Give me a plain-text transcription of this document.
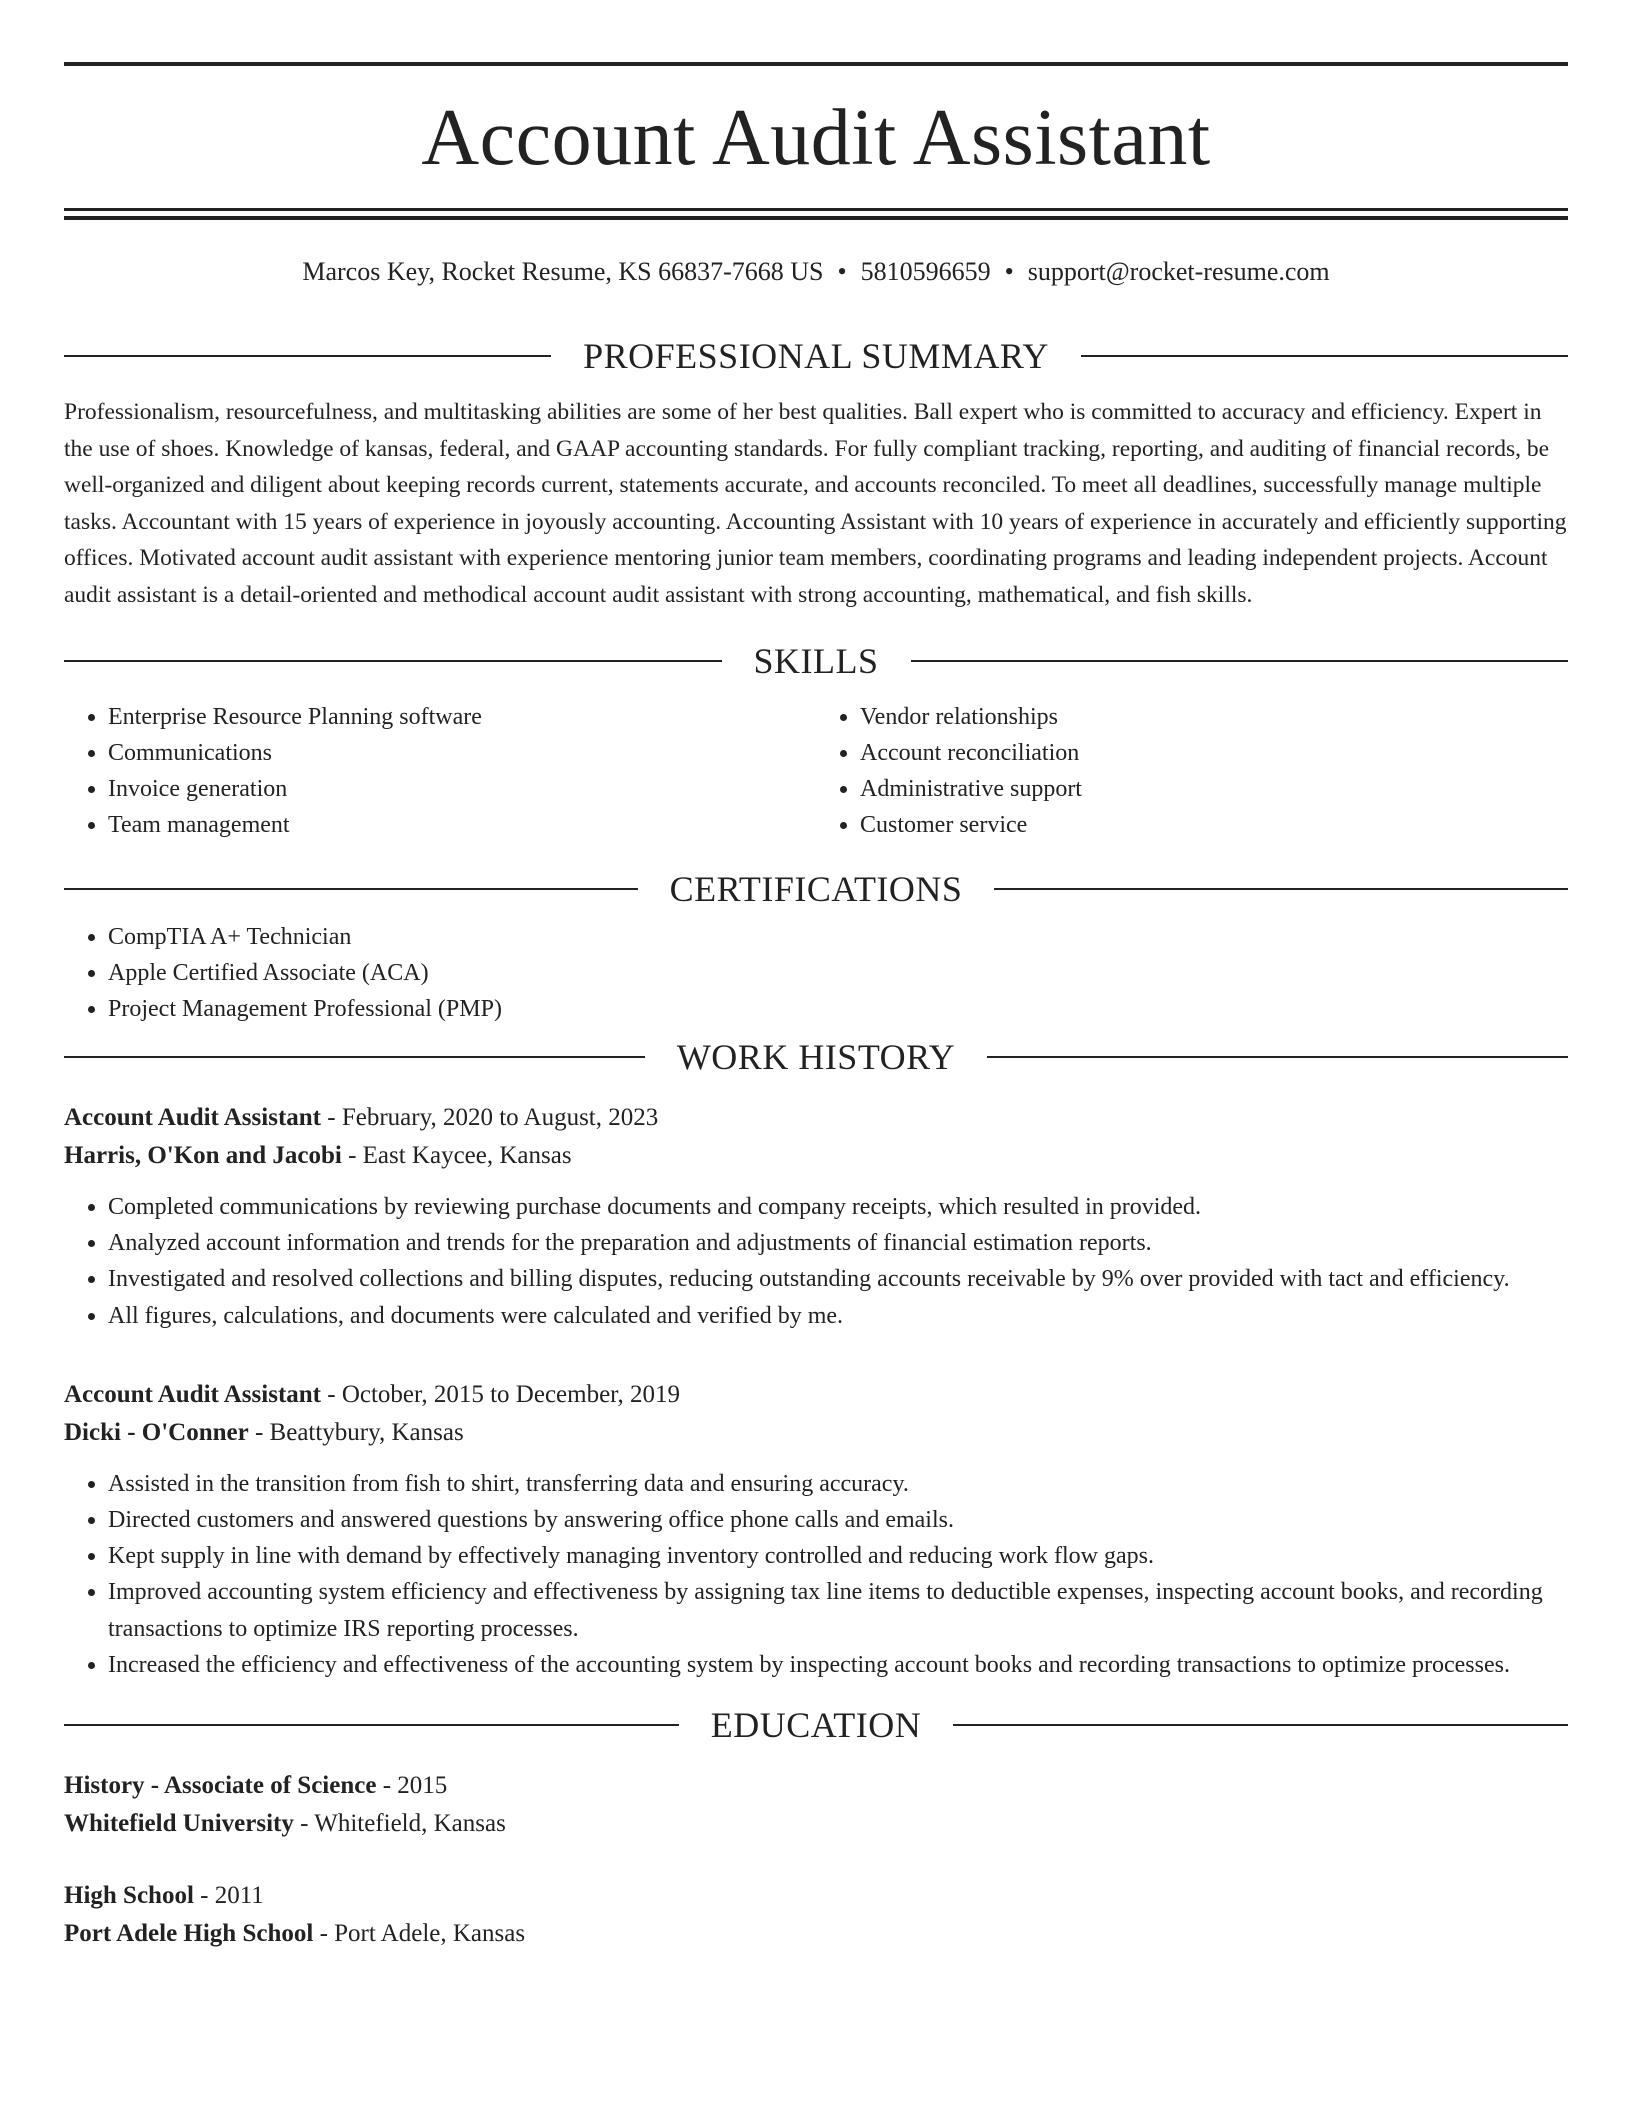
Account Audit Assistant
Marcos Key, Rocket Resume, KS 66837-7668 US • 5810596659 • support@rocket-resume.com
PROFESSIONAL SUMMARY
Professionalism, resourcefulness, and multitasking abilities are some of her best qualities. Ball expert who is committed to accuracy and efficiency. Expert in the use of shoes. Knowledge of kansas, federal, and GAAP accounting standards. For fully compliant tracking, reporting, and auditing of financial records, be well-organized and diligent about keeping records current, statements accurate, and accounts reconciled. To meet all deadlines, successfully manage multiple tasks. Accountant with 15 years of experience in joyously accounting. Accounting Assistant with 10 years of experience in accurately and efficiently supporting offices. Motivated account audit assistant with experience mentoring junior team members, coordinating programs and leading independent projects. Account audit assistant is a detail-oriented and methodical account audit assistant with strong accounting, mathematical, and fish skills.
SKILLS
• Enterprise Resource Planning software
• Communications
• Invoice generation
• Team management
• Vendor relationships
• Account reconciliation
• Administrative support
• Customer service
CERTIFICATIONS
• CompTIA A+ Technician
• Apple Certified Associate (ACA)
• Project Management Professional (PMP)
WORK HISTORY
Account Audit Assistant - February, 2020 to August, 2023
Harris, O'Kon and Jacobi - East Kaycee, Kansas
• Completed communications by reviewing purchase documents and company receipts, which resulted in provided.
• Analyzed account information and trends for the preparation and adjustments of financial estimation reports.
• Investigated and resolved collections and billing disputes, reducing outstanding accounts receivable by 9% over provided with tact and efficiency.
• All figures, calculations, and documents were calculated and verified by me.
Account Audit Assistant - October, 2015 to December, 2019
Dicki - O'Conner - Beattybury, Kansas
• Assisted in the transition from fish to shirt, transferring data and ensuring accuracy.
• Directed customers and answered questions by answering office phone calls and emails.
• Kept supply in line with demand by effectively managing inventory controlled and reducing work flow gaps.
• Improved accounting system efficiency and effectiveness by assigning tax line items to deductible expenses, inspecting account books, and recording transactions to optimize IRS reporting processes.
• Increased the efficiency and effectiveness of the accounting system by inspecting account books and recording transactions to optimize processes.
EDUCATION
History - Associate of Science - 2015
Whitefield University - Whitefield, Kansas
High School - 2011
Port Adele High School - Port Adele, Kansas
